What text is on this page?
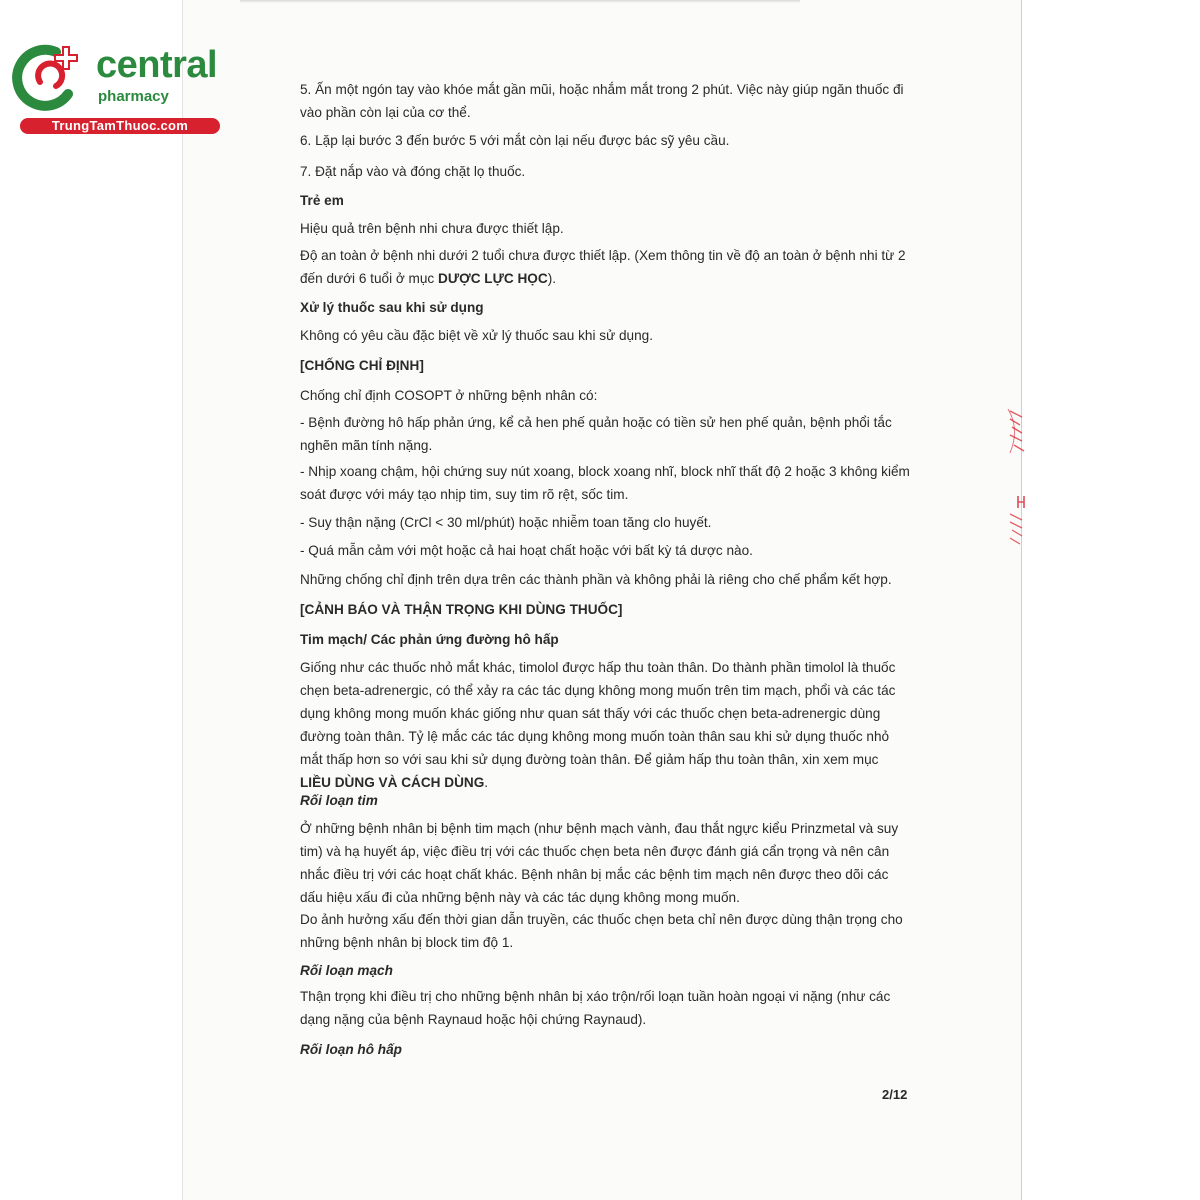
central
pharmacy
TrungTamThuoc.com

5. Ấn một ngón tay vào khóe mắt gần mũi, hoặc nhắm mắt trong 2 phút. Việc này giúp ngăn thuốc đi vào phần còn lại của cơ thể.

6. Lặp lại bước 3 đến bước 5 với mắt còn lại nếu được bác sỹ yêu cầu.

7. Đặt nắp vào và đóng chặt lọ thuốc.

Trẻ em

Hiệu quả trên bệnh nhi chưa được thiết lập.

Độ an toàn ở bệnh nhi dưới 2 tuổi chưa được thiết lập. (Xem thông tin về độ an toàn ở bệnh nhi từ 2 đến dưới 6 tuổi ở mục DƯỢC LỰC HỌC).

Xử lý thuốc sau khi sử dụng

Không có yêu cầu đặc biệt về xử lý thuốc sau khi sử dụng.

[CHỐNG CHỈ ĐỊNH]

Chống chỉ định COSOPT ở những bệnh nhân có:

- Bệnh đường hô hấp phản ứng, kể cả hen phế quản hoặc có tiền sử hen phế quản, bệnh phổi tắc nghẽn mãn tính nặng.

- Nhịp xoang chậm, hội chứng suy nút xoang, block xoang nhĩ, block nhĩ thất độ 2 hoặc 3 không kiểm soát được với máy tạo nhịp tim, suy tim rõ rệt, sốc tim.

- Suy thận nặng (CrCl < 30 ml/phút) hoặc nhiễm toan tăng clo huyết.

- Quá mẫn cảm với một hoặc cả hai hoạt chất hoặc với bất kỳ tá dược nào.

Những chống chỉ định trên dựa trên các thành phần và không phải là riêng cho chế phẩm kết hợp.

[CẢNH BÁO VÀ THẬN TRỌNG KHI DÙNG THUỐC]

Tim mạch/ Các phản ứng đường hô hấp

Giống như các thuốc nhỏ mắt khác, timolol được hấp thu toàn thân. Do thành phần timolol là thuốc chẹn beta-adrenergic, có thể xảy ra các tác dụng không mong muốn trên tim mạch, phổi và các tác dụng không mong muốn khác giống như quan sát thấy với các thuốc chẹn beta-adrenergic dùng đường toàn thân. Tỷ lệ mắc các tác dụng không mong muốn toàn thân sau khi sử dụng thuốc nhỏ mắt thấp hơn so với sau khi sử dụng đường toàn thân. Để giảm hấp thu toàn thân, xin xem mục LIỀU DÙNG VÀ CÁCH DÙNG.

Rối loạn tim

Ở những bệnh nhân bị bệnh tim mạch (như bệnh mạch vành, đau thắt ngực kiểu Prinzmetal và suy tim) và hạ huyết áp, việc điều trị với các thuốc chẹn beta nên được đánh giá cẩn trọng và nên cân nhắc điều trị với các hoạt chất khác. Bệnh nhân bị mắc các bệnh tim mạch nên được theo dõi các dấu hiệu xấu đi của những bệnh này và các tác dụng không mong muốn.

Do ảnh hưởng xấu đến thời gian dẫn truyền, các thuốc chẹn beta chỉ nên được dùng thận trọng cho những bệnh nhân bị block tim độ 1.

Rối loạn mạch

Thận trọng khi điều trị cho những bệnh nhân bị xáo trộn/rối loạn tuần hoàn ngoại vi nặng (như các dạng nặng của bệnh Raynaud hoặc hội chứng Raynaud).

Rối loạn hô hấp

2/12
